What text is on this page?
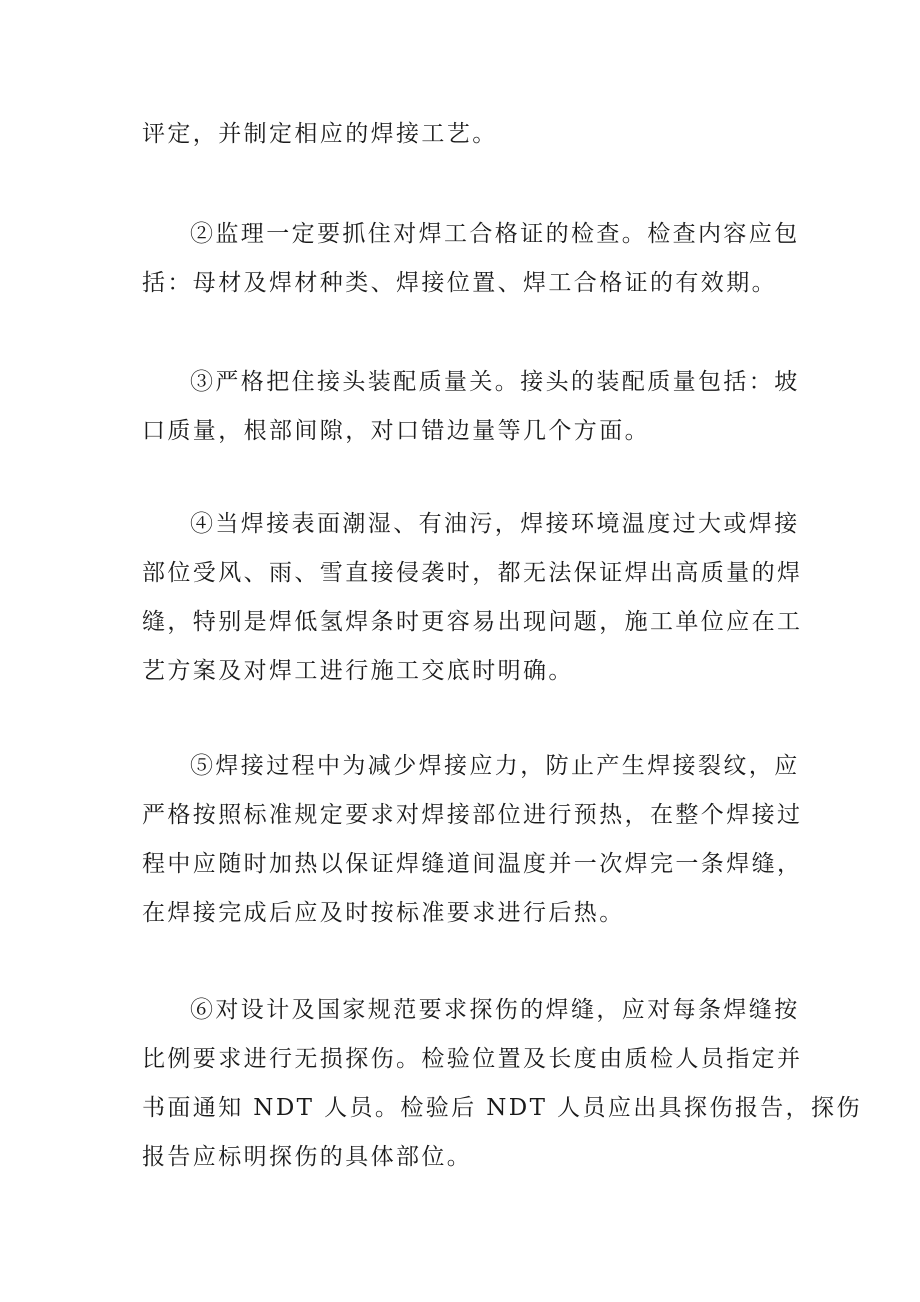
评定，并制定相应的焊接工艺。
②监理一定要抓住对焊工合格证的检查。检查内容应包
括：母材及焊材种类、焊接位置、焊工合格证的有效期。
③严格把住接头装配质量关。接头的装配质量包括：坡
口质量，根部间隙，对口错边量等几个方面。
④当焊接表面潮湿、有油污，焊接环境温度过大或焊接
部位受风、雨、雪直接侵袭时，都无法保证焊出高质量的焊
缝，特别是焊低氢焊条时更容易出现问题，施工单位应在工
艺方案及对焊工进行施工交底时明确。
⑤焊接过程中为减少焊接应力，防止产生焊接裂纹，应
严格按照标准规定要求对焊接部位进行预热，在整个焊接过
程中应随时加热以保证焊缝道间温度并一次焊完一条焊缝，
在焊接完成后应及时按标准要求进行后热。
⑥对设计及国家规范要求探伤的焊缝，应对每条焊缝按
比例要求进行无损探伤。检验位置及长度由质检人员指定并
书面通知 NDT 人员。检验后 NDT 人员应出具探伤报告，探伤
报告应标明探伤的具体部位。
